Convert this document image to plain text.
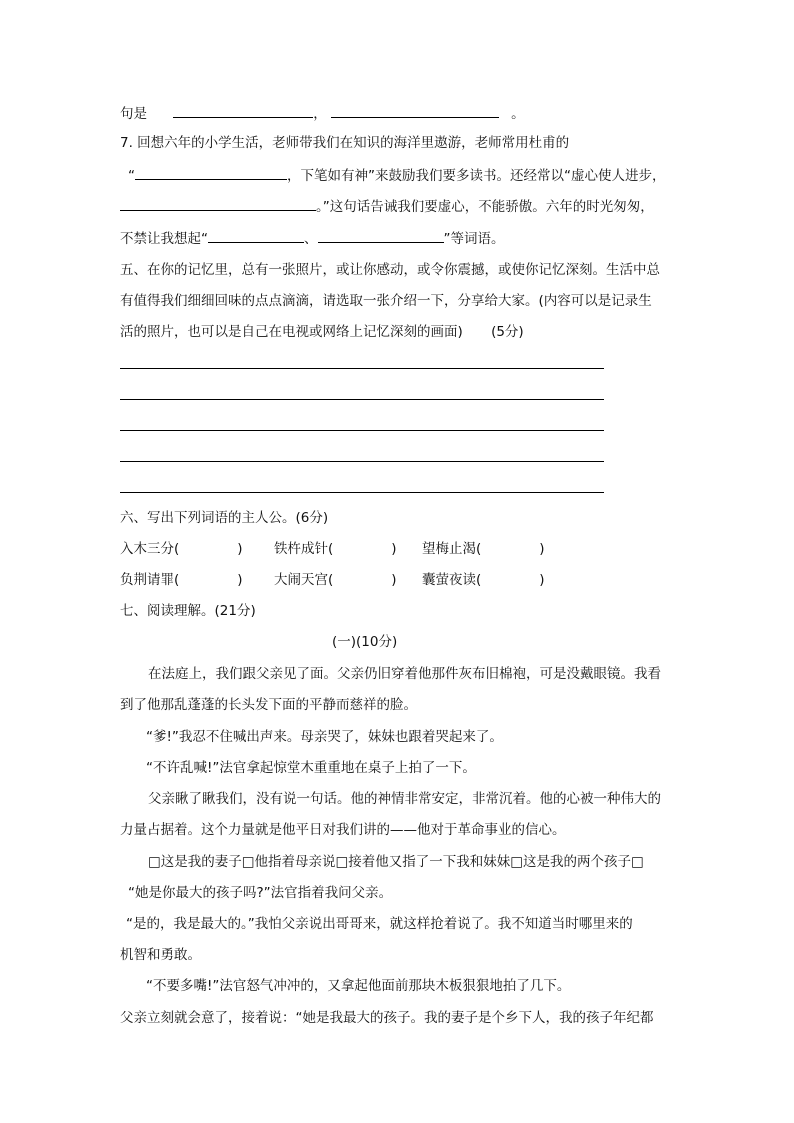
句是	，	。
7. 回想六年的小学生活，老师带我们在知识的海洋里遨游，老师常用杜甫的
“	，下笔如有神”来鼓励我们要多读书。还经常以“虚心使人进步，
。”这句话告诫我们要虚心，不能骄傲。六年的时光匆匆，
不禁让我想起“	、	”等词语。
五、在你的记忆里，总有一张照片，或让你感动，或令你震撼，或使你记忆深刻。生活中总
有值得我们细细回味的点点滴滴，请选取一张介绍一下，分享给大家。(内容可以是记录生
活的照片，也可以是自己在电视或网络上记忆深刻的画面) (5分)
六、写出下列词语的主人公。(6分)
入木三分(	) 铁杵成针(	) 望梅止渴(	)
负荆请罪(	) 大闹天宫(	) 囊萤夜读(	)
七、阅读理解。(21分)
(一)(10分)
在法庭上，我们跟父亲见了面。父亲仍旧穿着他那件灰布旧棉袍，可是没戴眼镜。我看
到了他那乱蓬蓬的长头发下面的平静而慈祥的脸。
“爹!”我忍不住喊出声来。母亲哭了，妹妹也跟着哭起来了。
“不许乱喊!”法官拿起惊堂木重重地在桌子上拍了一下。
父亲瞅了瞅我们，没有说一句话。他的神情非常安定，非常沉着。他的心被一种伟大的
力量占据着。这个力量就是他平日对我们讲的——他对于革命事业的信心。
□这是我的妻子□他指着母亲说□接着他又指了一下我和妹妹□这是我的两个孩子□
“她是你最大的孩子吗?”法官指着我问父亲。
“是的，我是最大的。”我怕父亲说出哥哥来，就这样抢着说了。我不知道当时哪里来的
机智和勇敢。
“不要多嘴!”法官怒气冲冲的，又拿起他面前那块木板狠狠地拍了几下。
父亲立刻就会意了，接着说：“她是我最大的孩子。我的妻子是个乡下人，我的孩子年纪都
